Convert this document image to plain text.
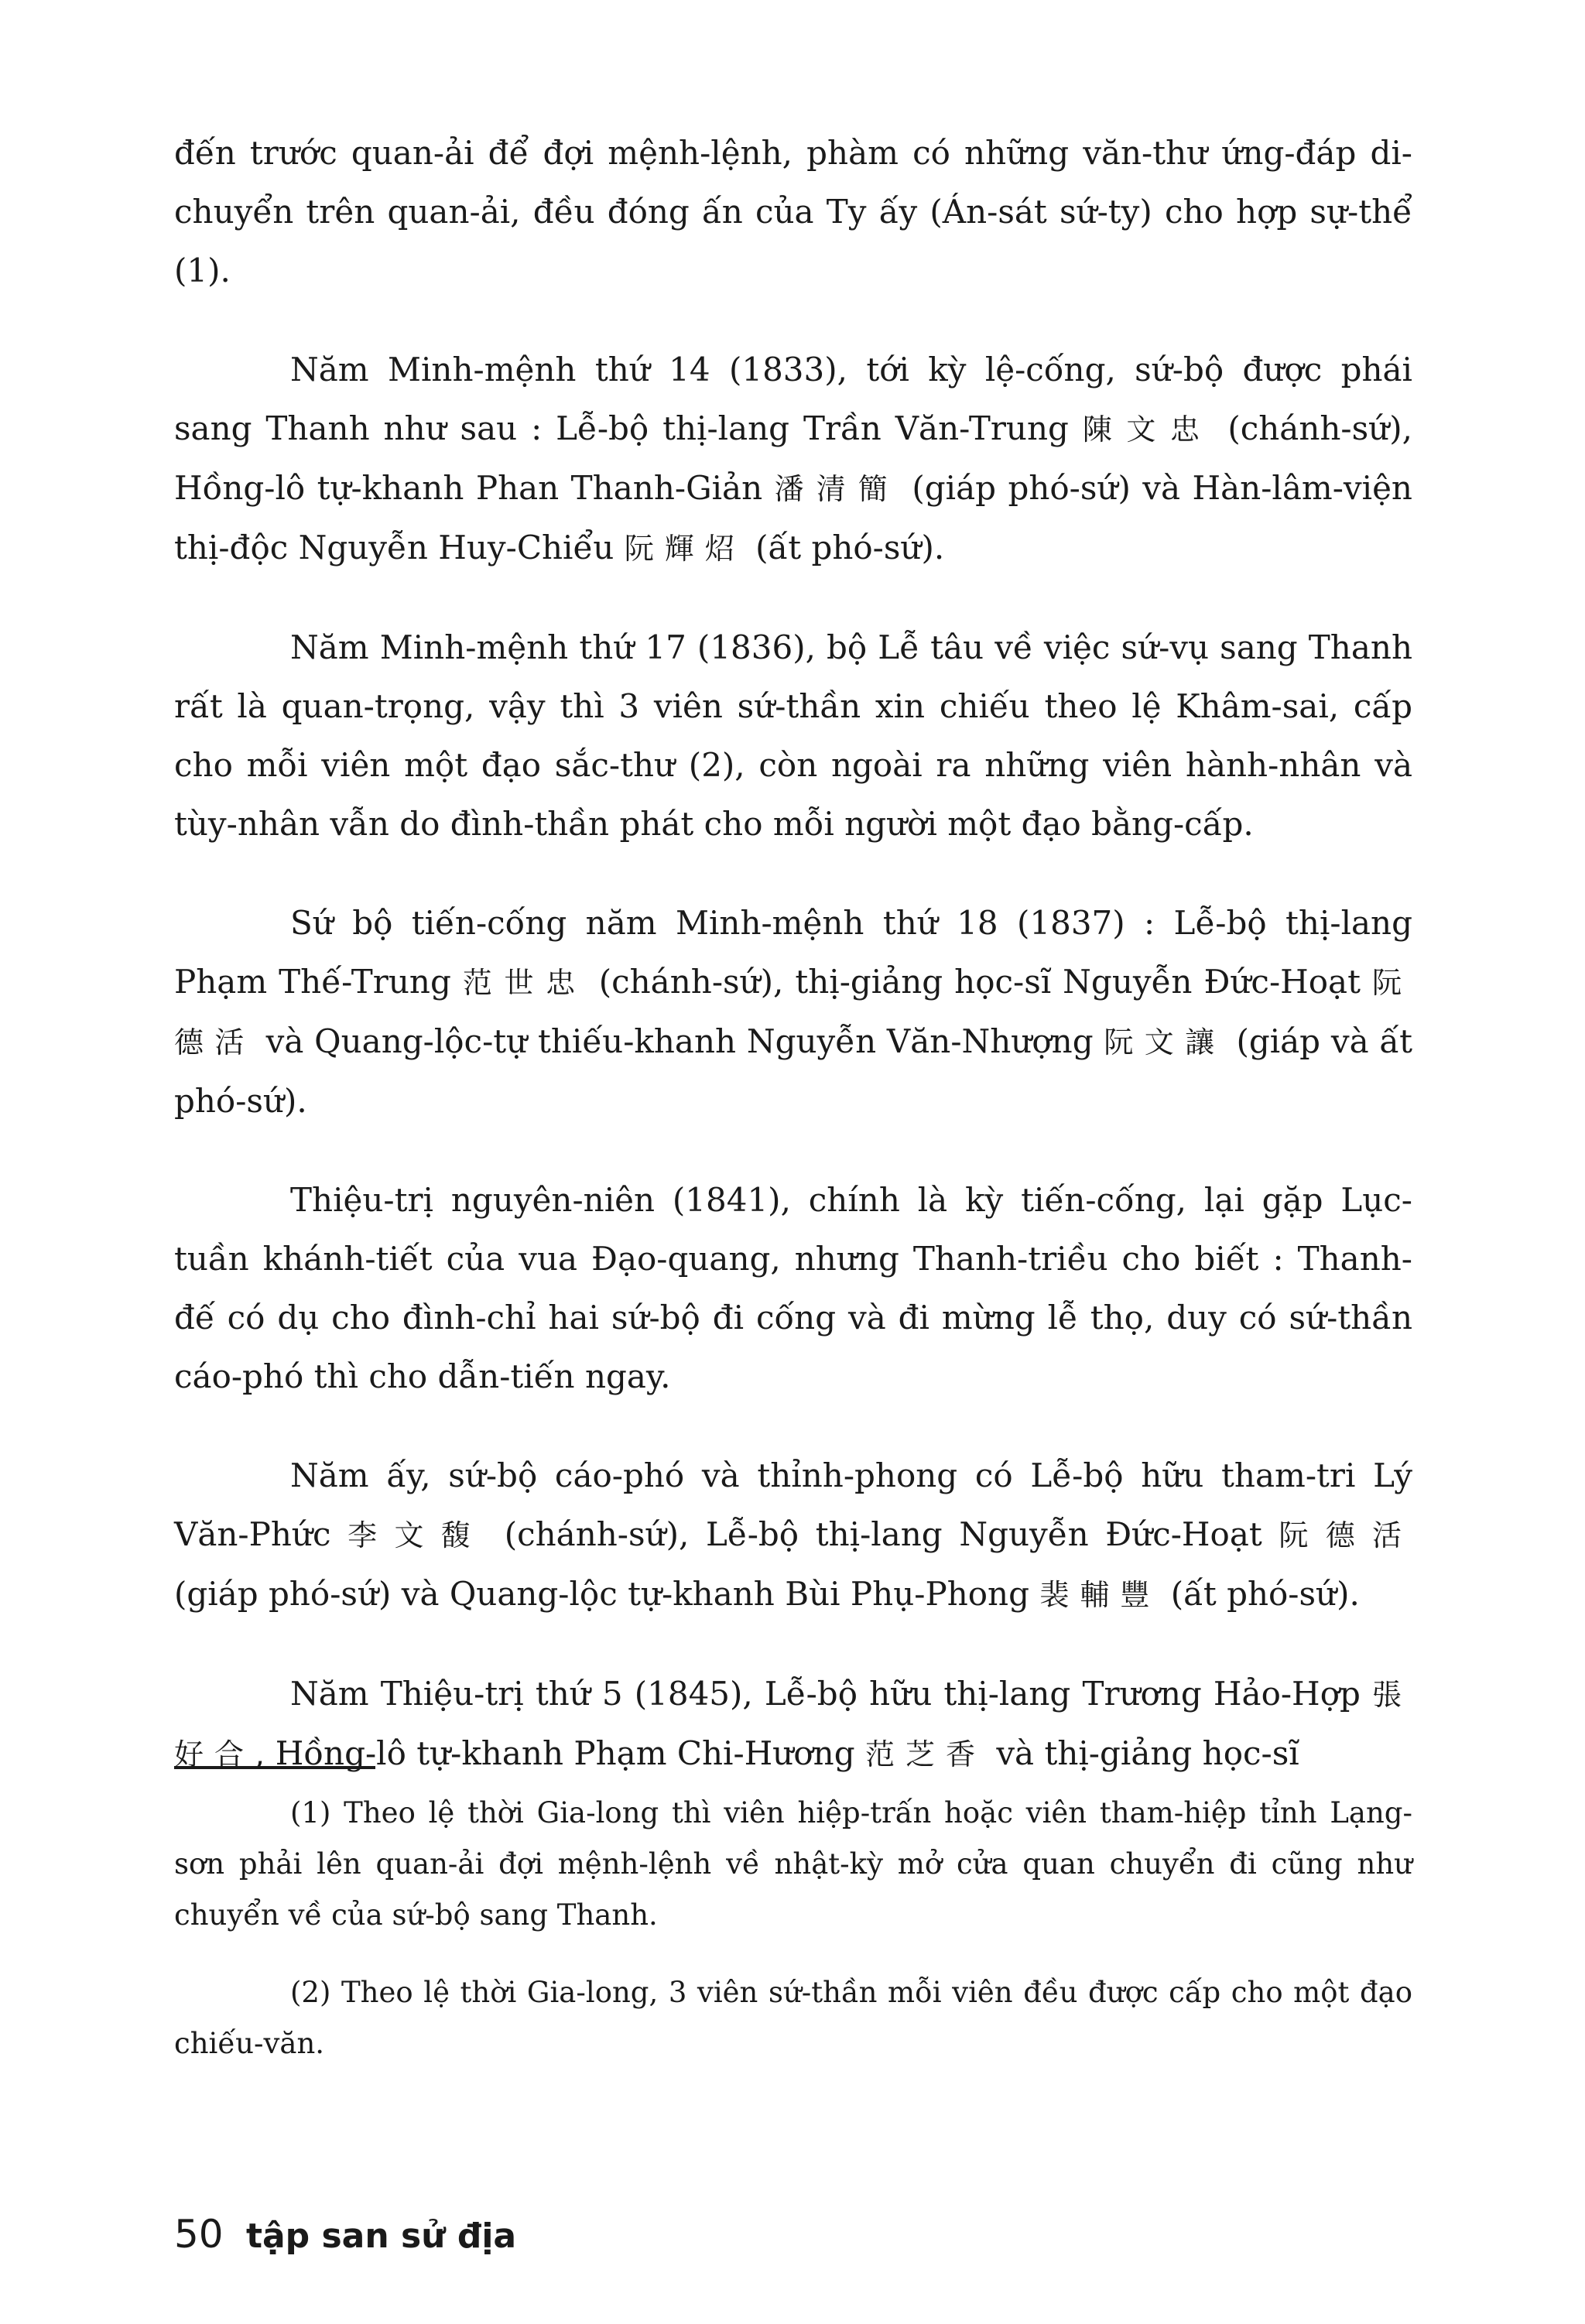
đến trước quan-ải để đợi mệnh-lệnh, phàm có những văn-thư ứng-đáp di-chuyển trên quan-ải, đều đóng ấn của Ty ấy (Án-sát sứ-ty) cho hợp sự-thể (1).

Năm Minh-mệnh thứ 14 (1833), tới kỳ lệ-cống, sứ-bộ được phái sang Thanh như sau : Lễ-bộ thị-lang Trần Văn-Trung 陳文忠 (chánh-sứ), Hồng-lô tự-khanh Phan Thanh-Giản 潘清簡 (giáp phó-sứ) và Hàn-lâm-viện thị-độc Nguyễn Huy-Chiểu 阮輝炤 (ất phó-sứ).

Năm Minh-mệnh thứ 17 (1836), bộ Lễ tâu về việc sứ-vụ sang Thanh rất là quan-trọng, vậy thì 3 viên sứ-thần xin chiếu theo lệ Khâm-sai, cấp cho mỗi viên một đạo sắc-thư (2), còn ngoài ra những viên hành-nhân và tùy-nhân vẫn do đình-thần phát cho mỗi người một đạo bằng-cấp.

Sứ bộ tiến-cống năm Minh-mệnh thứ 18 (1837) : Lễ-bộ thị-lang Phạm Thế-Trung 范世忠 (chánh-sứ), thị-giảng học-sĩ Nguyễn Đức-Hoạt 阮德活 và Quang-lộc-tự thiếu-khanh Nguyễn Văn-Nhượng 阮文讓 (giáp và ất phó-sứ).

Thiệu-trị nguyên-niên (1841), chính là kỳ tiến-cống, lại gặp Lục-tuần khánh-tiết của vua Đạo-quang, nhưng Thanh-triều cho biết : Thanh-đế có dụ cho đình-chỉ hai sứ-bộ đi cống và đi mừng lễ thọ, duy có sứ-thần cáo-phó thì cho dẫn-tiến ngay.

Năm ấy, sứ-bộ cáo-phó và thỉnh-phong có Lễ-bộ hữu tham-tri Lý Văn-Phức 李文馥 (chánh-sứ), Lễ-bộ thị-lang Nguyễn Đức-Hoạt 阮德活 (giáp phó-sứ) và Quang-lộc tự-khanh Bùi Phụ-Phong 裴輔豐 (ất phó-sứ).

Năm Thiệu-trị thứ 5 (1845), Lễ-bộ hữu thị-lang Trương Hảo-Hợp 張好合, Hồng-lô tự-khanh Phạm Chi-Hương 范芝香 và thị-giảng học-sĩ

(1) Theo lệ thời Gia-long thì viên hiệp-trấn hoặc viên tham-hiệp tỉnh Lạng-sơn phải lên quan-ải đợi mệnh-lệnh về nhật-kỳ mở cửa quan chuyển đi cũng như chuyển về của sứ-bộ sang Thanh.

(2) Theo lệ thời Gia-long, 3 viên sứ-thần mỗi viên đều được cấp cho một đạo chiếu-văn.

50 tập san sử địa
